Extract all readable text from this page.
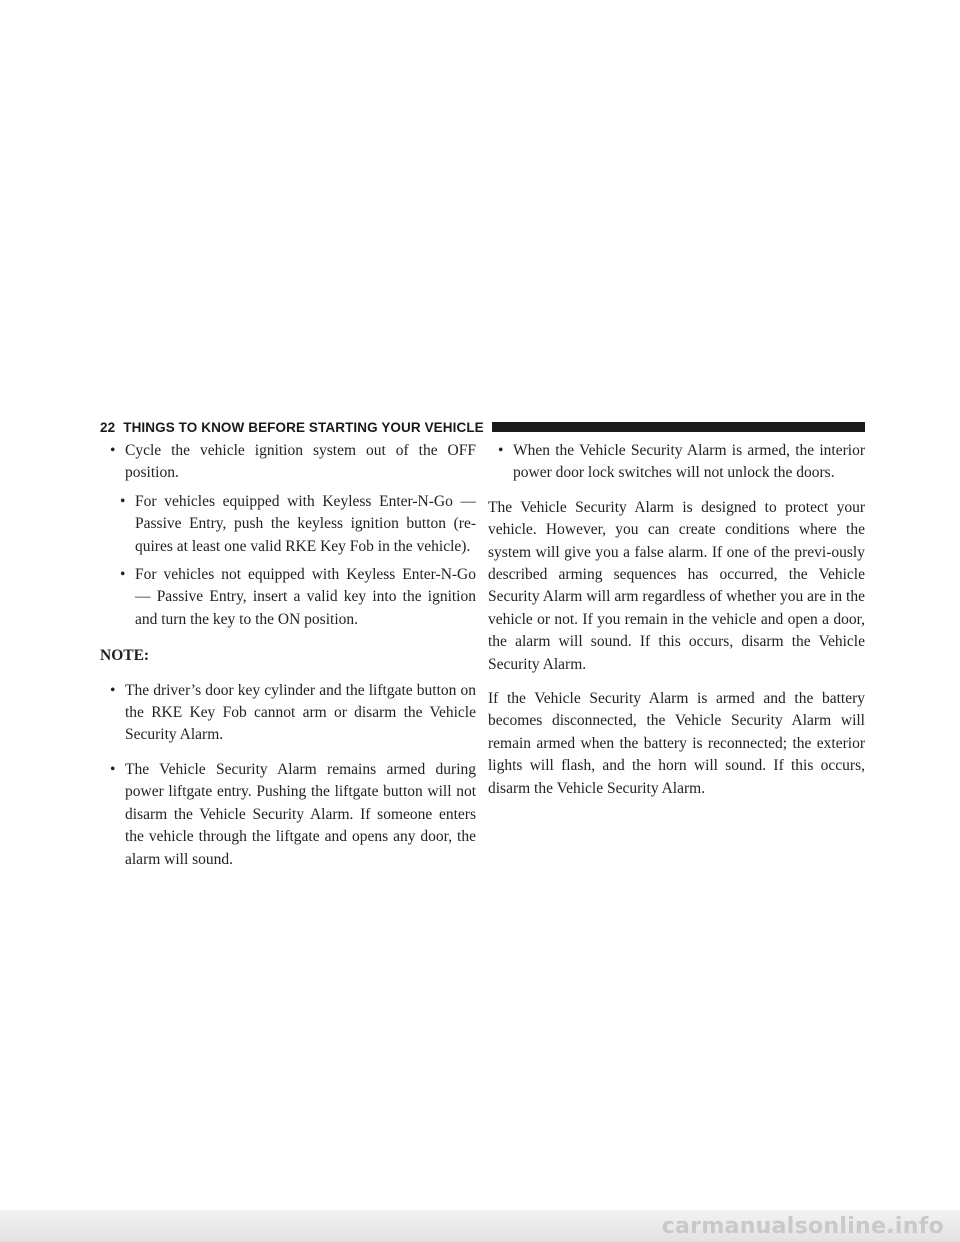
22 THINGS TO KNOW BEFORE STARTING YOUR VEHICLE
• Cycle the vehicle ignition system out of the OFF position.
• For vehicles equipped with Keyless Enter-N-Go — Passive Entry, push the keyless ignition button (re-quires at least one valid RKE Key Fob in the vehicle).
• For vehicles not equipped with Keyless Enter-N-Go — Passive Entry, insert a valid key into the ignition and turn the key to the ON position.
NOTE:
• The driver’s door key cylinder and the liftgate button on the RKE Key Fob cannot arm or disarm the Vehicle Security Alarm.
• The Vehicle Security Alarm remains armed during power liftgate entry. Pushing the liftgate button will not disarm the Vehicle Security Alarm. If someone enters the vehicle through the liftgate and opens any door, the alarm will sound.
• When the Vehicle Security Alarm is armed, the interior power door lock switches will not unlock the doors.

The Vehicle Security Alarm is designed to protect your vehicle. However, you can create conditions where the system will give you a false alarm. If one of the previ-ously described arming sequences has occurred, the Vehicle Security Alarm will arm regardless of whether you are in the vehicle or not. If you remain in the vehicle and open a door, the alarm will sound. If this occurs, disarm the Vehicle Security Alarm.

If the Vehicle Security Alarm is armed and the battery becomes disconnected, the Vehicle Security Alarm will remain armed when the battery is reconnected; the exterior lights will flash, and the horn will sound. If this occurs, disarm the Vehicle Security Alarm.

carmanualsonline.info
